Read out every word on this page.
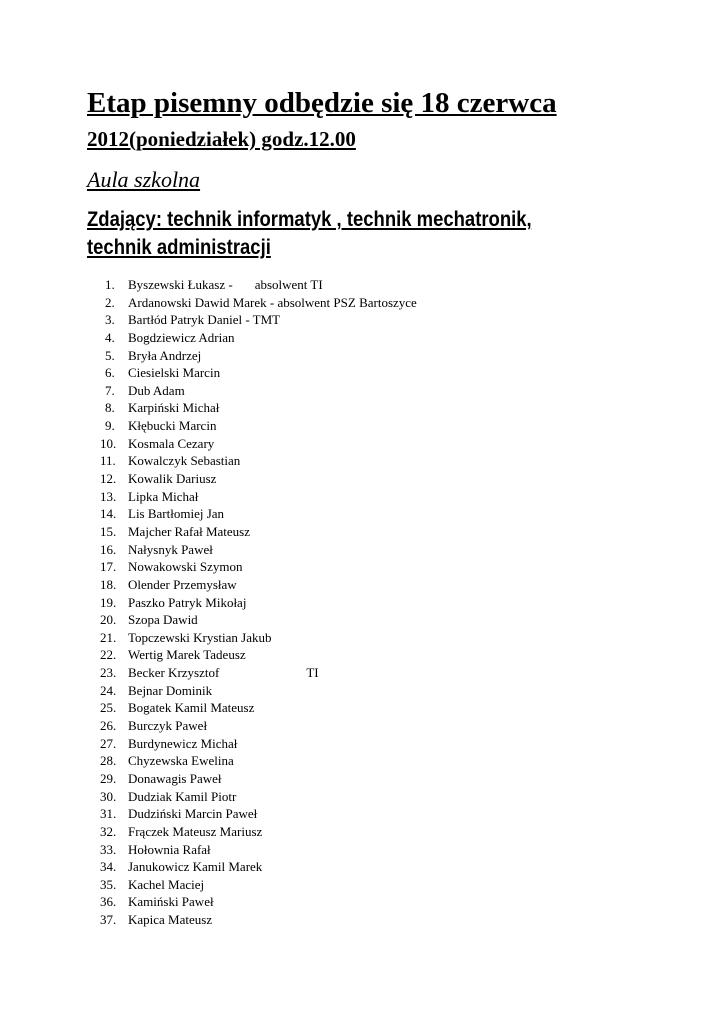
Etap pisemny odbędzie się 18 czerwca
2012(poniedziałek) godz.12.00
Aula szkolna
Zdający: technik informatyk , technik mechatronik,
technik administracji
1. Byszewski Łukasz - absolwent TI
2. Ardanowski Dawid Marek - absolwent PSZ Bartoszyce
3. Bartłód Patryk Daniel - TMT
4. Bogdziewicz Adrian
5. Bryła Andrzej
6. Ciesielski Marcin
7. Dub Adam
8. Karpiński Michał
9. Kłębucki Marcin
10. Kosmala Cezary
11. Kowalczyk Sebastian
12. Kowalik Dariusz
13. Lipka Michał
14. Lis Bartłomiej Jan
15. Majcher Rafał Mateusz
16. Nałysnyk Paweł
17. Nowakowski Szymon
18. Olender Przemysław
19. Paszko Patryk Mikołaj
20. Szopa Dawid
21. Topczewski Krystian Jakub
22. Wertig Marek Tadeusz
23. Becker Krzysztof	TI
24. Bejnar Dominik
25. Bogatek Kamil Mateusz
26. Burczyk Paweł
27. Burdynewicz Michał
28. Chyzewska Ewelina
29. Donawagis Paweł
30. Dudziak Kamil Piotr
31. Dudziński Marcin Paweł
32. Frączek Mateusz Mariusz
33. Hołownia Rafał
34. Janukowicz Kamil Marek
35. Kachel Maciej
36. Kamiński Paweł
37. Kapica Mateusz
